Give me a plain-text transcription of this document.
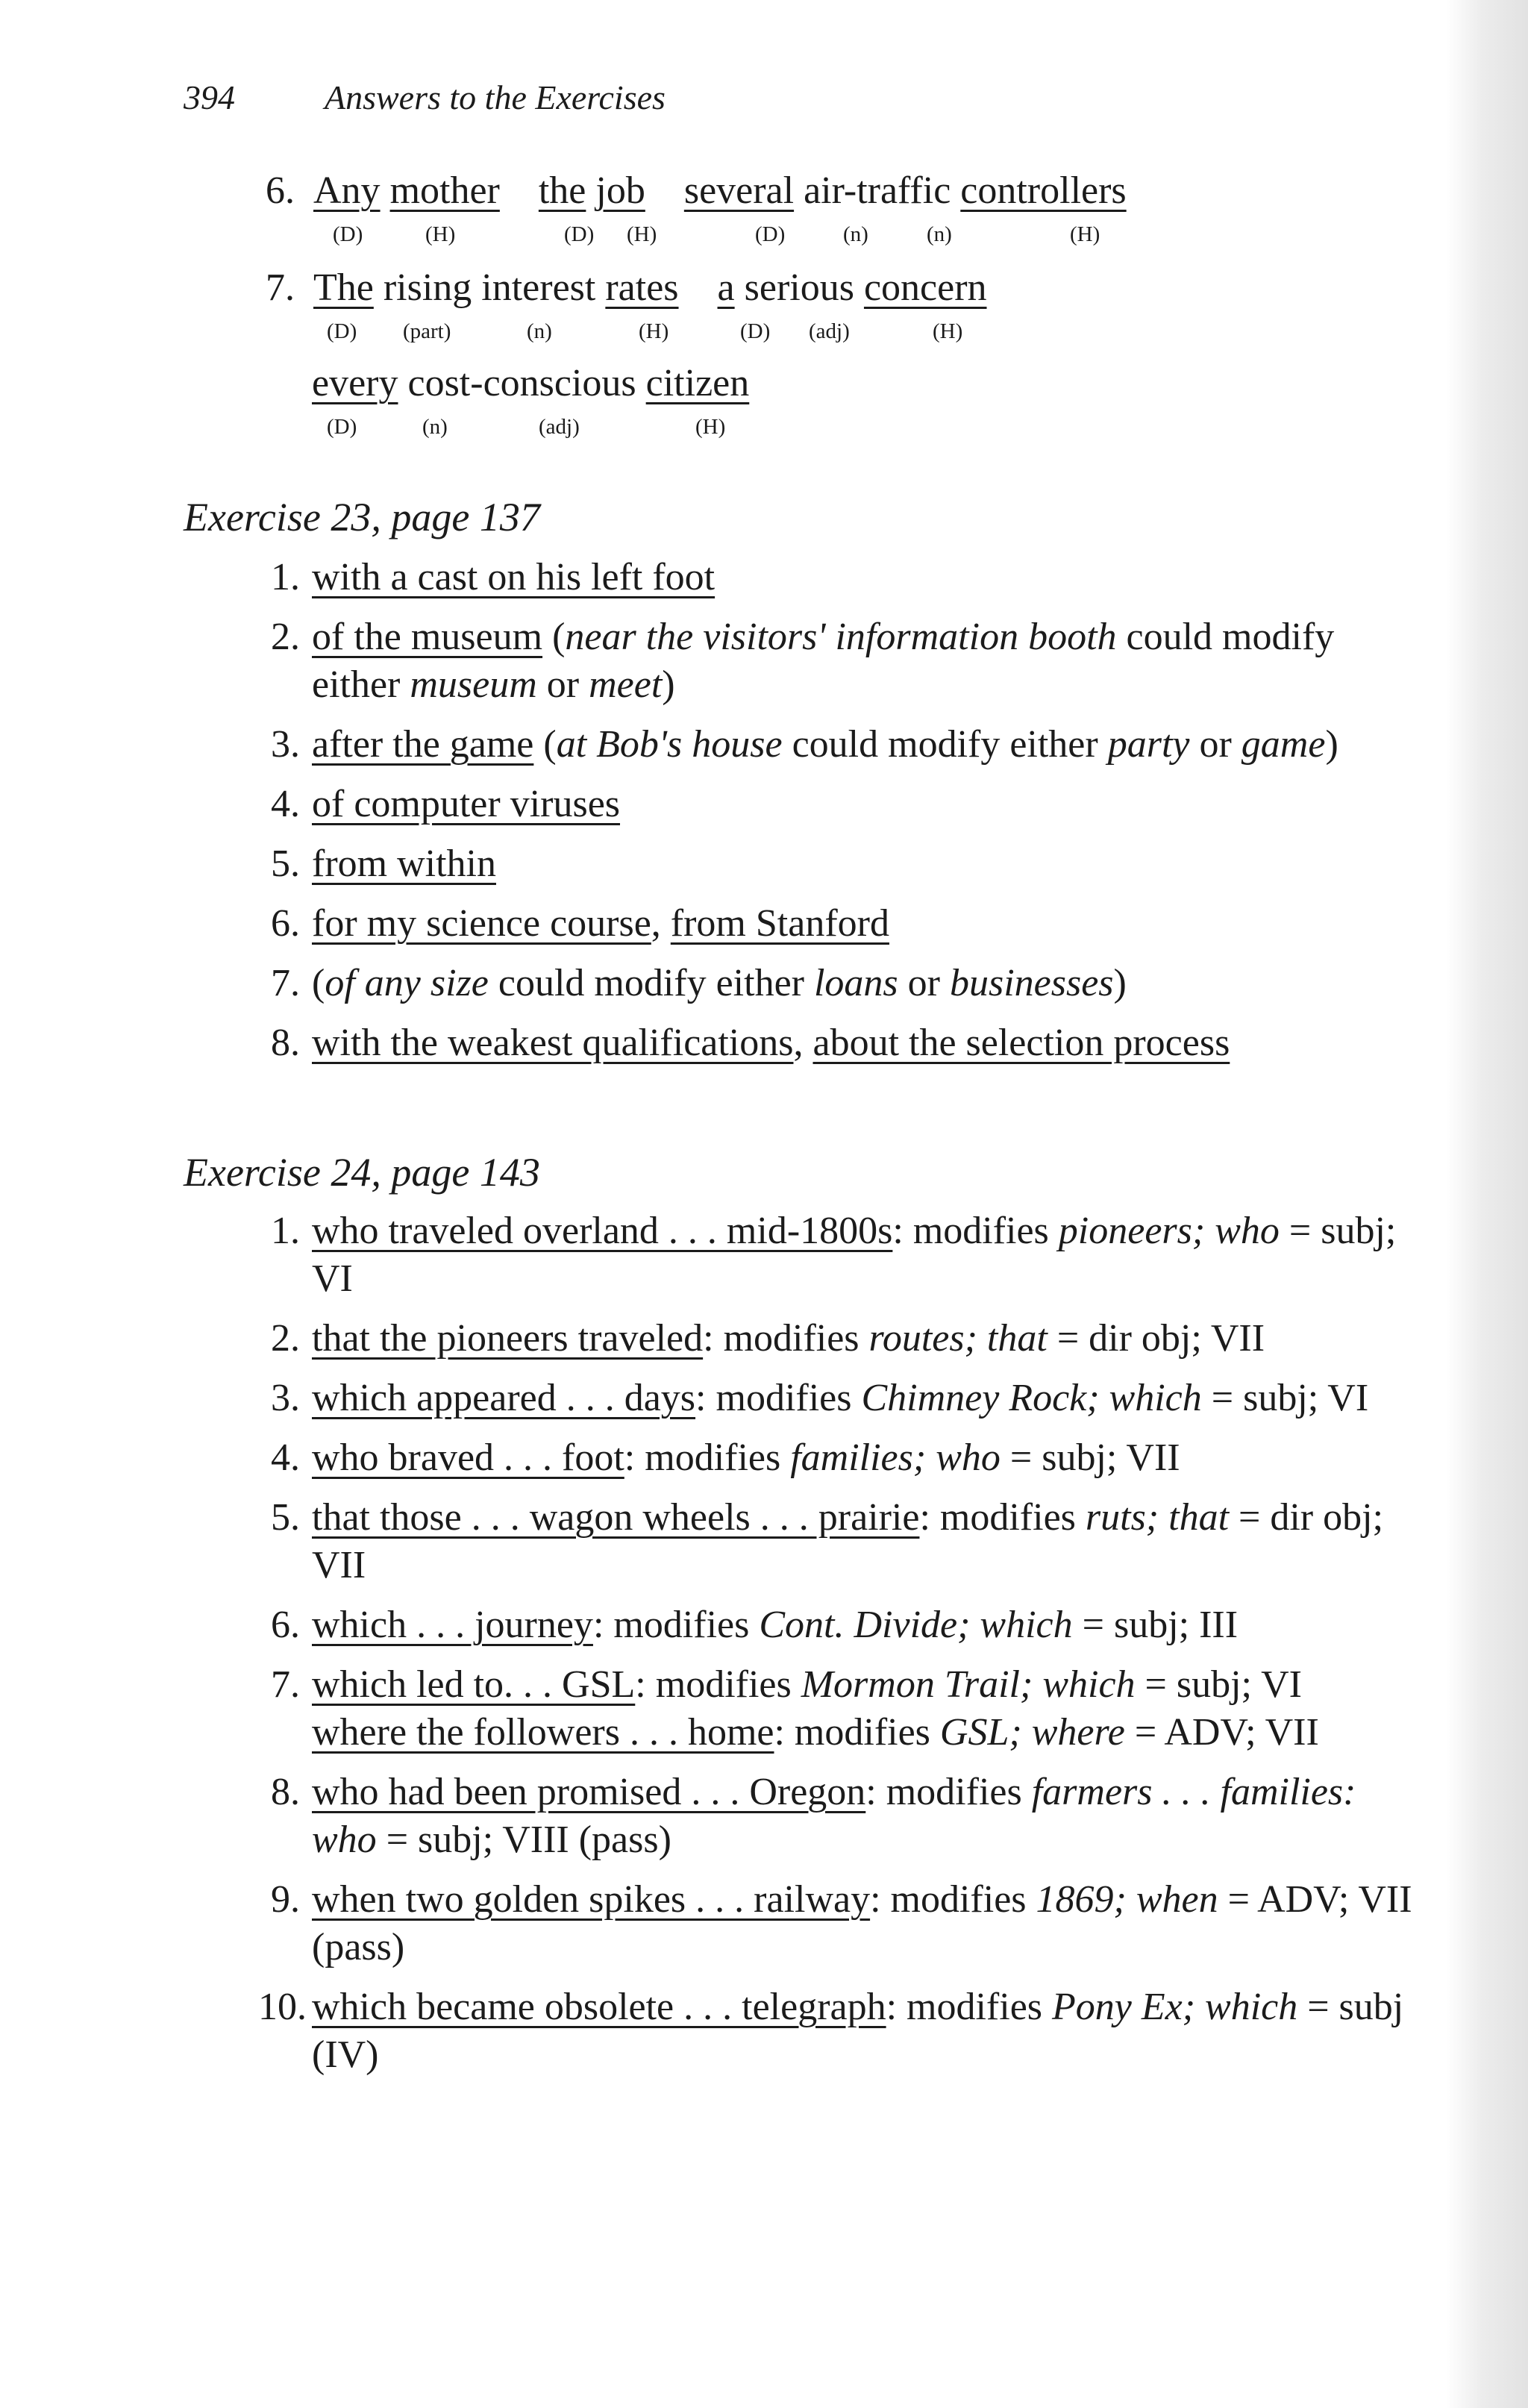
394	Answers to the Exercises
6. Any mother the job several air-traffic controllers
(D)	(H)	(D) (H)	(D)	(n)	(n)	(H)
7. The rising interest rates a serious concern
(D) (part)	(n)	(H)	(D) (adj)	(H)
every cost-conscious citizen
(D)	(n)	(adj)	(H)
Exercise 23, page 137
1. with a cast on his left foot
2. of the museum (near the visitors' information booth could modify either museum or meet)
3. after the game (at Bob's house could modify either party or game)
4. of computer viruses
5. from within
6. for my science course, from Stanford
7. (of any size could modify either loans or businesses)
8. with the weakest qualifications, about the selection process
Exercise 24, page 143
1. who traveled overland . . . mid-1800s: modifies pioneers; who = subj; VI
2. that the pioneers traveled: modifies routes; that = dir obj; VII
3. which appeared . . . days: modifies Chimney Rock; which = subj; VI
4. who braved . . . foot: modifies families; who = subj; VII
5. that those . . . wagon wheels . . . prairie: modifies ruts; that = dir obj; VII
6. which . . . journey: modifies Cont. Divide; which = subj; III
7. which led to. . . GSL: modifies Mormon Trail; which = subj; VI
where the followers . . . home: modifies GSL; where = ADV; VII
8. who had been promised . . . Oregon: modifies farmers . . . families: who = subj; VIII (pass)
9. when two golden spikes . . . railway: modifies 1869; when = ADV; VII (pass)
10. which became obsolete . . . telegraph: modifies Pony Ex; which = subj (IV)
